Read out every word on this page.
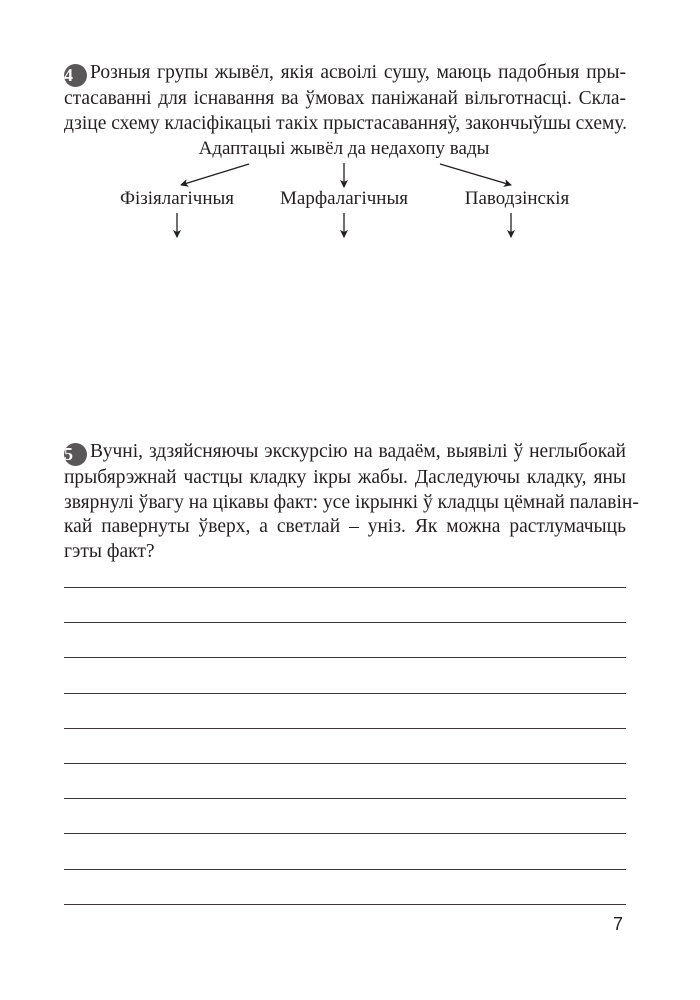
4 Розныя групы жывёл, якія асвоілі сушу, маюць падобныя пры-
стасаванні для існавання ва ўмовах паніжанай вільготнасці. Скла-
дзіце схему класіфікацыі такіх прыстасаванняў, закончыўшы схему.
Адаптацыі жывёл да недахопу вады
Фізіялагічныя Марфалагічныя	Паводзінскія
5 Вучні, здзяйсняючы экскурсію на вадаём, выявілі ў неглыбокай
прыбярэжнай частцы кладку ікры жабы. Даследуючы кладку, яны
звярнулі ўвагу на цікавы факт: усе ікрынкі ў кладцы цёмнай палавін-
кай павернуты ўверх, а светлай – уніз. Як можна растлумачыць
гэты факт?
7
